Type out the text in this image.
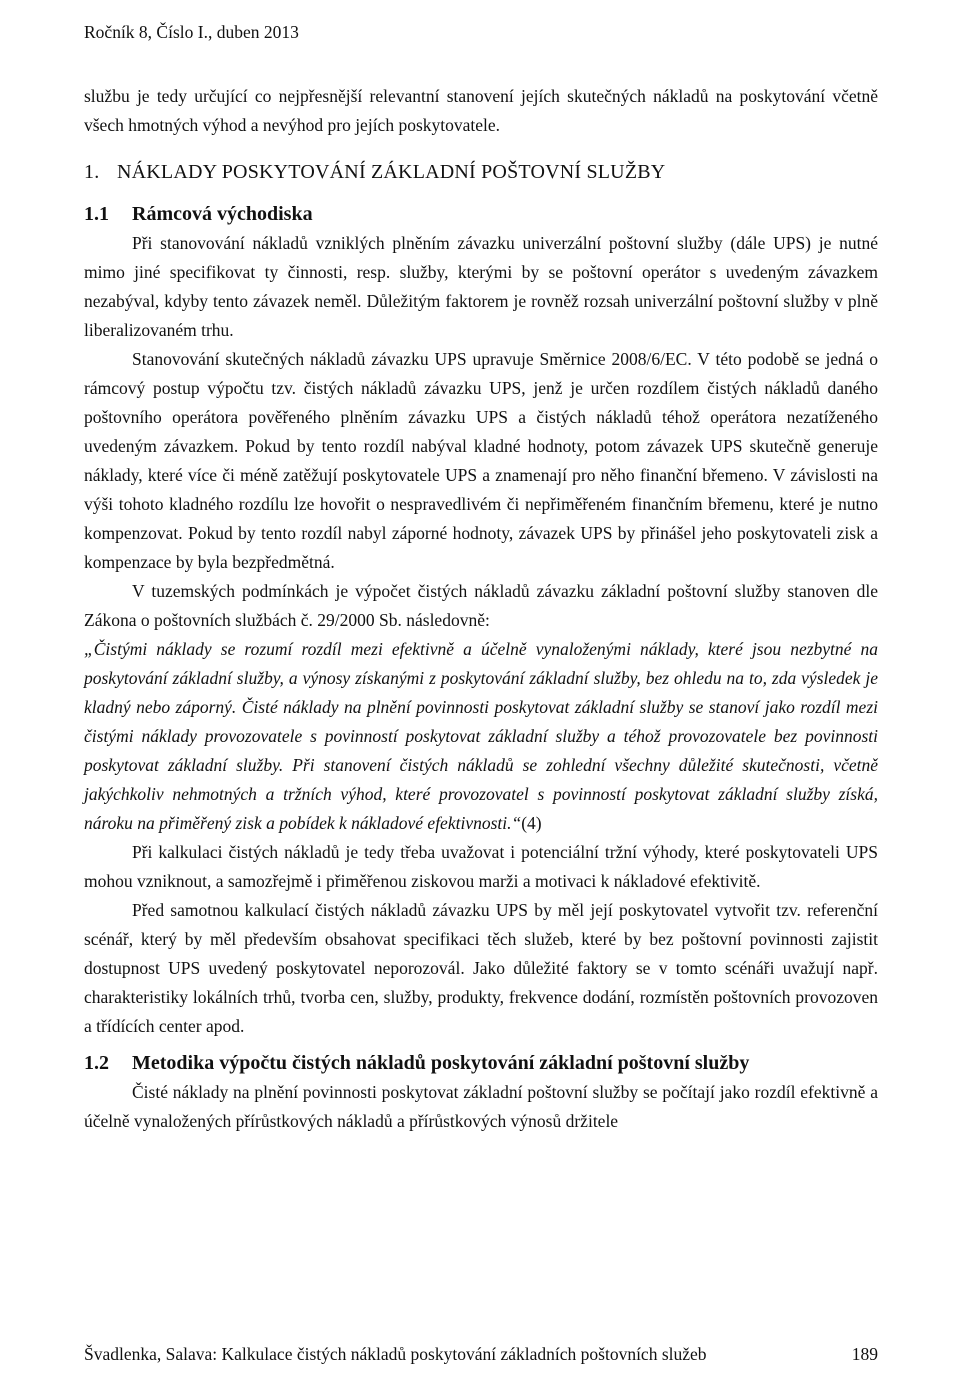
Ročník 8, Číslo I., duben 2013

službu je tedy určující co nejpřesnější relevantní stanovení jejích skutečných nákladů na poskytování včetně všech hmotných výhod a nevýhod pro jejích poskytovatele.

1. NÁKLADY POSKYTOVÁNÍ ZÁKLADNÍ POŠTOVNÍ SLUŽBY
1.1 Rámcová východiska

Při stanovování nákladů vzniklých plněním závazku univerzální poštovní služby (dále UPS) je nutné mimo jiné specifikovat ty činnosti, resp. služby, kterými by se poštovní operátor s uvedeným závazkem nezabýval, kdyby tento závazek neměl. Důležitým faktorem je rovněž rozsah univerzální poštovní služby v plně liberalizovaném trhu.

Stanovování skutečných nákladů závazku UPS upravuje Směrnice 2008/6/EC. V této podobě se jedná o rámcový postup výpočtu tzv. čistých nákladů závazku UPS, jenž je určen rozdílem čistých nákladů daného poštovního operátora pověřeného plněním závazku UPS a čistých nákladů téhož operátora nezatíženého uvedeným závazkem. Pokud by tento rozdíl nabýval kladné hodnoty, potom závazek UPS skutečně generuje náklady, které více či méně zatěžují poskytovatele UPS a znamenají pro něho finanční břemeno. V závislosti na výši tohoto kladného rozdílu lze hovořit o nespravedlivém či nepřiměřeném finančním břemenu, které je nutno kompenzovat. Pokud by tento rozdíl nabyl záporné hodnoty, závazek UPS by přinášel jeho poskytovateli zisk a kompenzace by byla bezpředmětná.

V tuzemských podmínkách je výpočet čistých nákladů závazku základní poštovní služby stanoven dle Zákona o poštovních službách č. 29/2000 Sb. následovně:

„Čistými náklady se rozumí rozdíl mezi efektivně a účelně vynaloženými náklady, které jsou nezbytné na poskytování základní služby, a výnosy získanými z poskytování základní služby, bez ohledu na to, zda výsledek je kladný nebo záporný. Čisté náklady na plnění povinnosti poskytovat základní služby se stanoví jako rozdíl mezi čistými náklady provozovatele s povinností poskytovat základní služby a téhož provozovatele bez povinnosti poskytovat základní služby. Při stanovení čistých nákladů se zohlední všechny důležité skutečnosti, včetně jakýchkoliv nehmotných a tržních výhod, které provozovatel s povinností poskytovat základní služby získá, nároku na přiměřený zisk a pobídek k nákladové efektivnosti.“(4)

Při kalkulaci čistých nákladů je tedy třeba uvažovat i potenciální tržní výhody, které poskytovateli UPS mohou vzniknout, a samozřejmě i přiměřenou ziskovou marži a motivaci k nákladové efektivitě.

Před samotnou kalkulací čistých nákladů závazku UPS by měl její poskytovatel vytvořit tzv. referenční scénář, který by měl především obsahovat specifikaci těch služeb, které by bez poštovní povinnosti zajistit dostupnost UPS uvedený poskytovatel neporozovál. Jako důležité faktory se v tomto scénáři uvažují např. charakteristiky lokálních trhů, tvorba cen, služby, produkty, frekvence dodání, rozmístěn poštovních provozoven a třídících center apod.

1.2 Metodika výpočtu čistých nákladů poskytování základní poštovní služby

Čisté náklady na plnění povinnosti poskytovat základní poštovní služby se počítají jako rozdíl efektivně a účelně vynaložených přírůstkových nákladů a přírůstkových výnosů držitele

Švadlenka, Salava: Kalkulace čistých nákladů poskytování základních poštovních služeb	189
